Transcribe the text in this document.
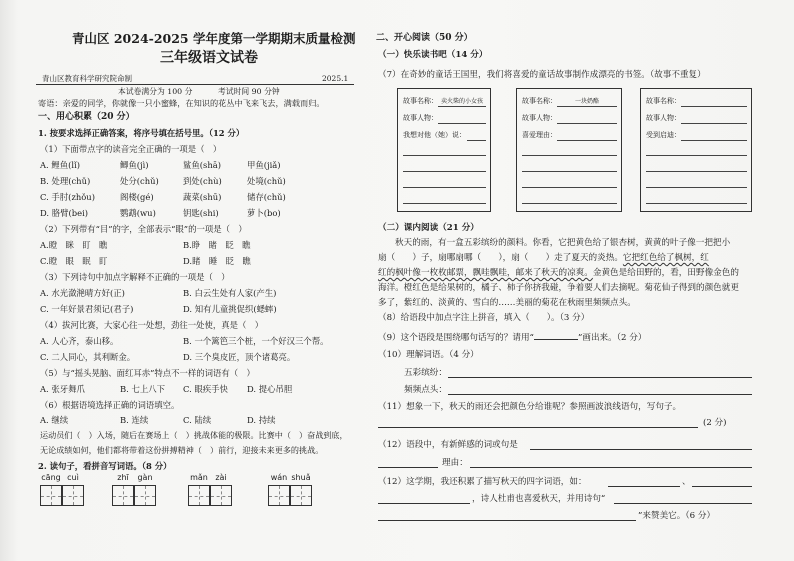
青山区 2024-2025 学年度第一学期期末质量检测
三年级语文试卷
青山区教育科学研究院命制	2025.1
本试卷满分为 100 分	考试时间 90 分钟
寄语：亲爱的同学，你就像一只小蜜蜂，在知识的花丛中飞来飞去，满载而归。
一、用心积累（20 分）
1. 按要求选择正确答案，将序号填在括号里。（12 分）
（1）下面带点字的读音完全正确的一项是（　）
A. 鲤鱼(lǐ)	鲫鱼(jì)	鲨鱼(shā)	甲鱼(jiǎ)
B. 处理(chǔ)	处分(chǔ)	到处(chù)	处境(chǔ)
C. 手肘(zhǒu)	阁楼(gé)	蔬菜(shū)	储存(chǔ)
D. 胳臂(bei)	鹦鹉(wu)	钥匙(shi)	萝卜(bo)
（2）下列带有“目”的字，全部表示“眼”的一项是（　）
A.瞪　眯　盯　瞧	B.睁　睹　眨　瞧
C.瞪　眼　眠　盯	D.睹　睡　眨　瞧
（3）下列诗句中加点字解释不正确的一项是（　）
A. 水光潋滟晴方好(正)	B. 白云生处有人家(产生)
C. 一年好景君须记(君子)	D. 知有儿童挑促织(蟋蟀)
（4）拔河比赛，大家心往一处想，劲往一处使，真是（　）
A. 人心齐，泰山移。	B. 一个篱笆三个桩，一个好汉三个帮。
C. 二人同心，其利断金。	D. 三个臭皮匠，顶个诸葛亮。
（5）与“摇头晃脑、面红耳赤”特点不一样的词语有（　）
A. 张牙舞爪	B. 七上八下 C. 眼疾手快 D. 提心吊胆
（6）根据语境选择正确的词语填空。
A. 继续	B. 连续	C. 陆续	D. 持续
运动员们（　）入场，随后在赛场上（　）挑战体能的极限。比赛中（　）奋战到底，
无论成绩如何，他们都将带着这份拼搏精神（　）前行，迎接未来更多的挑战。
2. 读句子，看拼音写词语。（8 分）
cāng cuì	zhī	gàn	mǎn zài	wán shuǎ
二、开心阅读（50 分）
（一）快乐读书吧（14 分）
（7）在奇妙的童话王国里，我们将喜爱的童话故事制作成漂亮的书签。（故事不重复）
故事名称： 卖火柴的小女孩
故事人物：
我想对他（她）说：
故事名称：	一块奶酪
故事人物：
喜爱理由：
故事名称：
故事人物：
受到启迪：
（二）课内阅读（21 分）
秋天的雨，有一盒五彩缤纷的颜料。你看，它把黄色给了银杏树，黄黄的叶子像一把把小
扇（　　）子，扇哪扇哪（　　），扇（　　）走了夏天的炎热。它把红色给了枫树，红
红的枫叶像一枚枚邮票，飘哇飘哇，邮来了秋天的凉爽。金黄色是给田野的，看，田野像金色的
海洋。橙红色是给果树的，橘子、柿子你挤我碰，争着要人们去摘呢。菊花仙子得到的颜色就更
多了，紫红的、淡黄的、雪白的……美丽的菊花在秋雨里频频点头。
（8）给语段中加点字注上拼音，填入（　　）。（3 分）
（9）这个语段是围绕哪句话写的？请用“	”画出来。（2 分）
（10）理解词语。（4 分）
五彩缤纷：
频频点头：
（11）想象一下，秋天的雨还会把颜色分给谁呢？参照画波浪线语句，写句子。
(2 分)
（12）语段中，有新鲜感的词或句是
理由：
（12）这学期，我还积累了描写秋天的四字词语，如：	、
，诗人杜甫也喜爱秋天，并用诗句“
”来赞美它。（6 分）
